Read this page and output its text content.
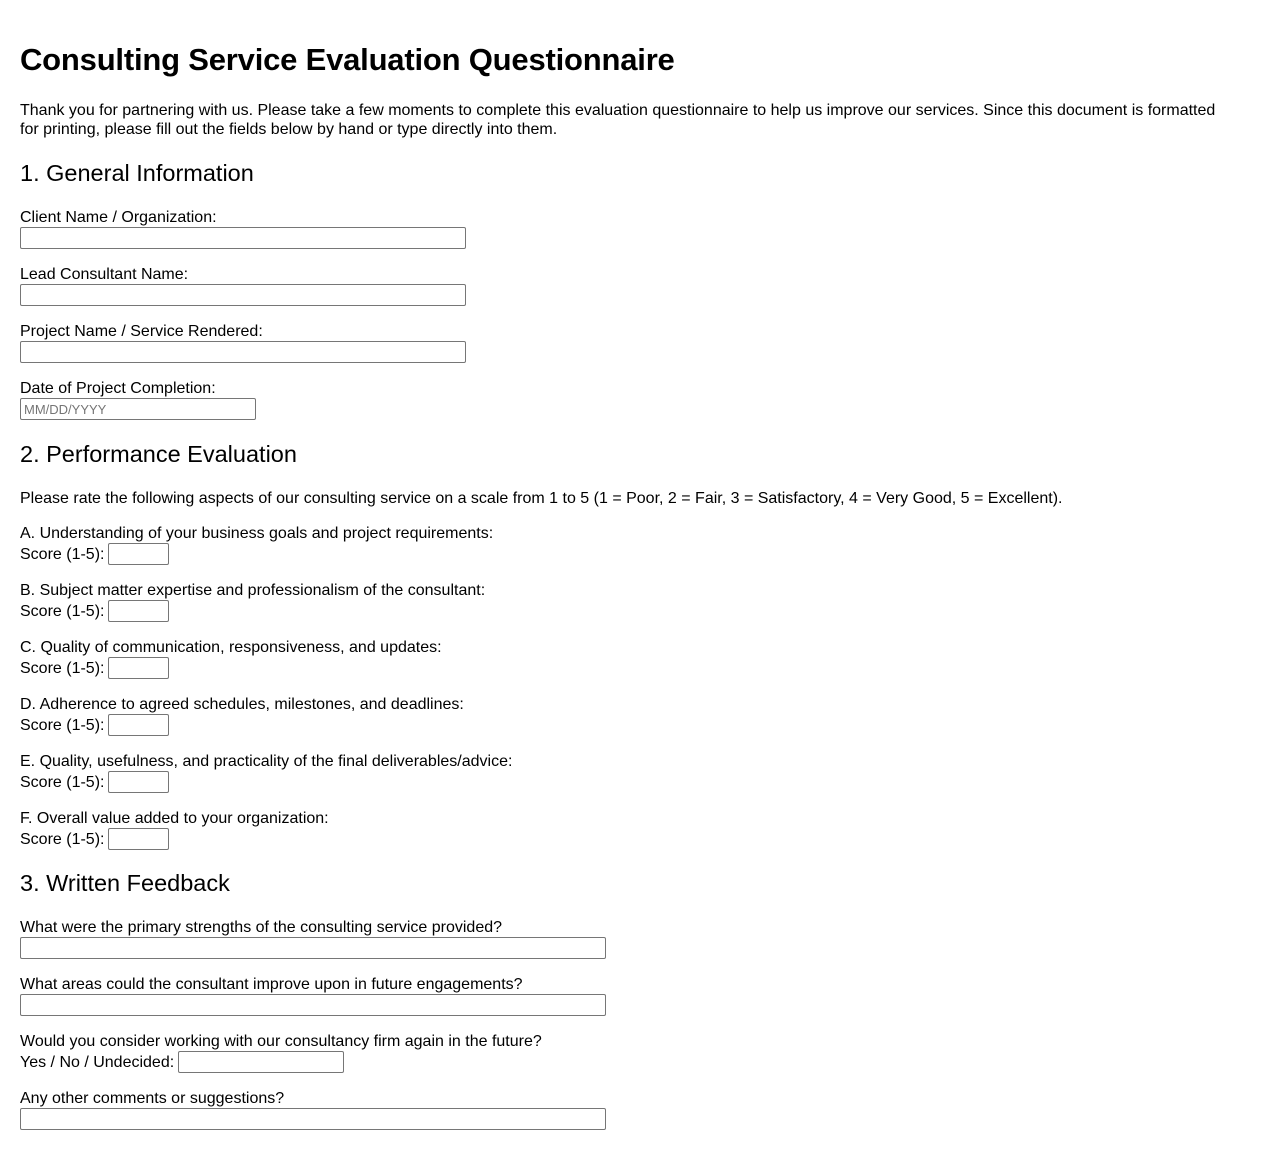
Consulting Service Evaluation Questionnaire

Thank you for partnering with us. Please take a few moments to complete this evaluation questionnaire to help us improve our services. Since this document is formatted for printing, please fill out the fields below by hand or type directly into them.

1. General Information
Client Name / Organization:
Lead Consultant Name:
Project Name / Service Rendered:
Date of Project Completion:
MM/DD/YYYY
2. Performance Evaluation

Please rate the following aspects of our consulting service on a scale from 1 to 5 (1 = Poor, 2 = Fair, 3 = Satisfactory, 4 = Very Good, 5 = Excellent).

A. Understanding of your business goals and project requirements:
Score (1-5):
B. Subject matter expertise and professionalism of the consultant:
Score (1-5):
C. Quality of communication, responsiveness, and updates:
Score (1-5):
D. Adherence to agreed schedules, milestones, and deadlines:
Score (1-5):
E. Quality, usefulness, and practicality of the final deliverables/advice:
Score (1-5):
F. Overall value added to your organization:
Score (1-5):
3. Written Feedback
What were the primary strengths of the consulting service provided?
What areas could the consultant improve upon in future engagements?
Would you consider working with our consultancy firm again in the future?
Yes / No / Undecided:
Any other comments or suggestions?
